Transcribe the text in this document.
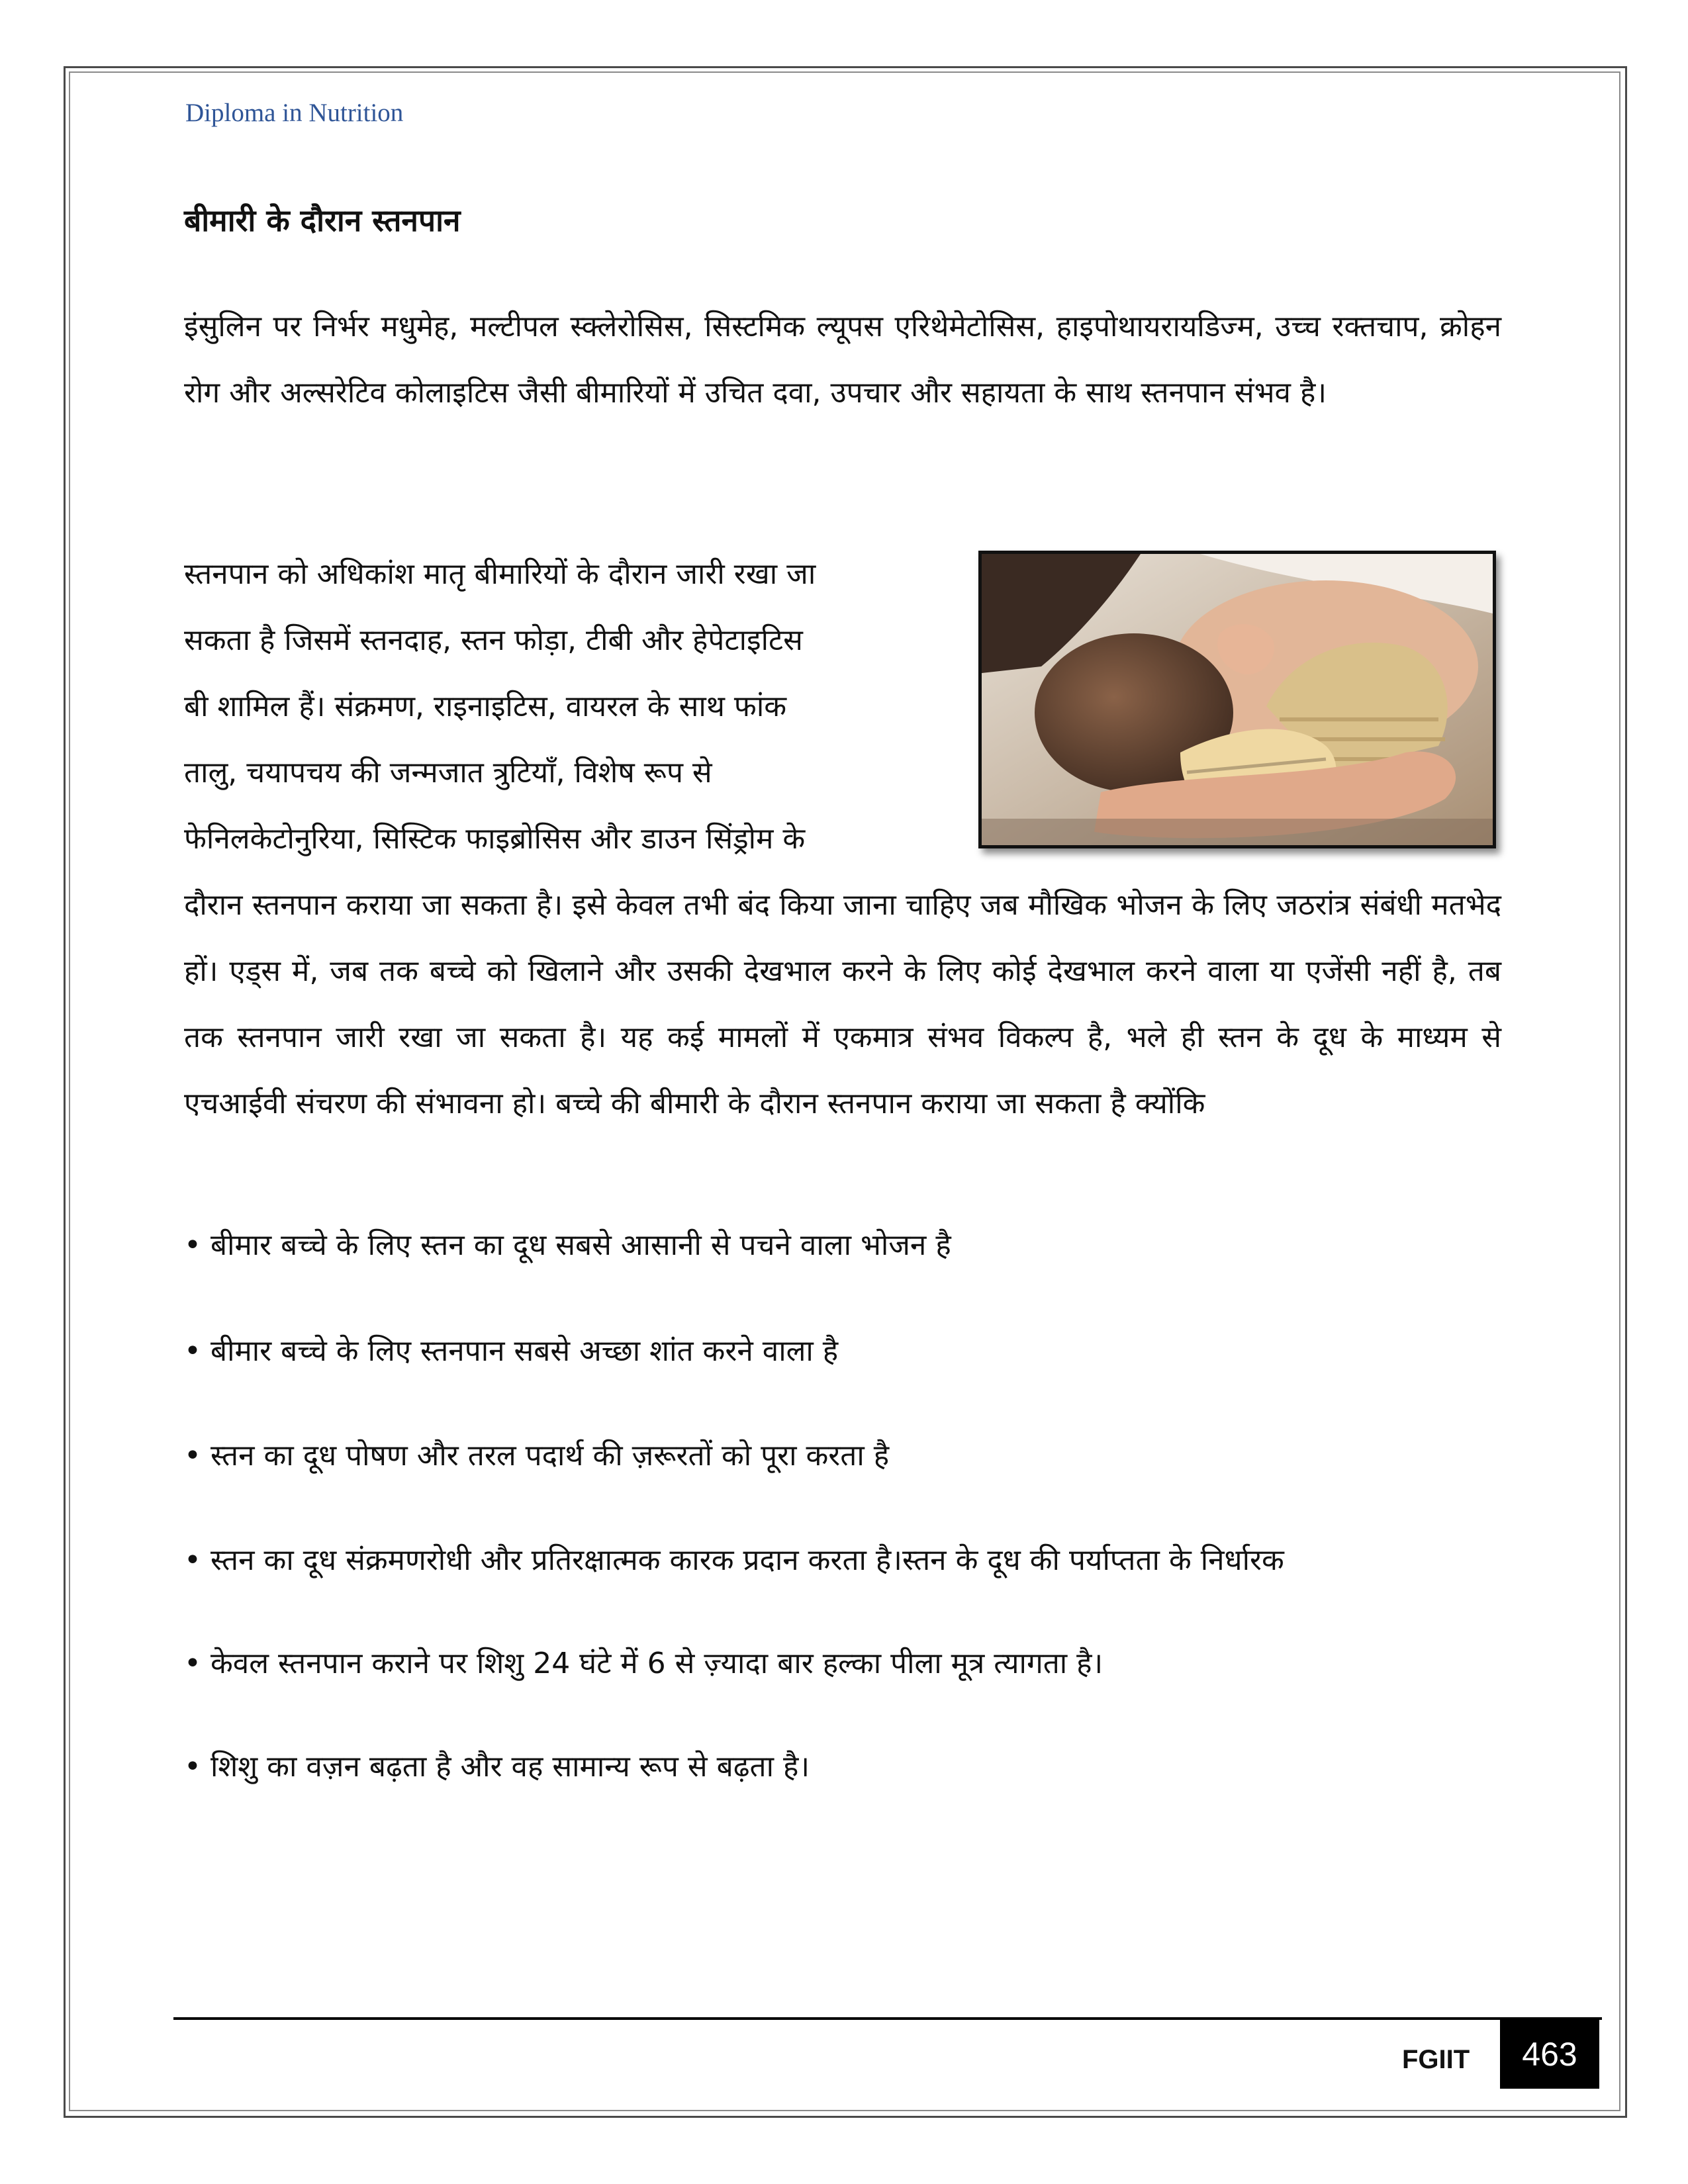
Diploma in Nutrition
बीमारी के दौरान स्तनपान
इंसुलिन पर निर्भर मधुमेह, मल्टीपल स्क्लेरोसिस, सिस्टमिक ल्यूपस एरिथेमेटोसिस, हाइपोथायरायडिज्म, उच्च रक्तचाप, क्रोहन रोग और अल्सरेटिव कोलाइटिस जैसी बीमारियों में उचित दवा, उपचार और सहायता के साथ स्तनपान संभव है।
स्तनपान को अधिकांश मातृ बीमारियों के दौरान जारी रखा जा
सकता है जिसमें स्तनदाह, स्तन फोड़ा, टीबी और हेपेटाइटिस
बी शामिल हैं। संक्रमण, राइनाइटिस, वायरल के साथ फांक
तालु, चयापचय की जन्मजात त्रुटियाँ, विशेष रूप से
फेनिलकेटोनुरिया, सिस्टिक फाइब्रोसिस और डाउन सिंड्रोम के
दौरान स्तनपान कराया जा सकता है। इसे केवल तभी बंद किया जाना चाहिए जब मौखिक भोजन के लिए जठरांत्र संबंधी मतभेद हों। एड्स में, जब तक बच्चे को खिलाने और उसकी देखभाल करने के लिए कोई देखभाल करने वाला या एजेंसी नहीं है, तब तक स्तनपान जारी रखा जा सकता है। यह कई मामलों में एकमात्र संभव विकल्प है, भले ही स्तन के दूध के माध्यम से एचआईवी संचरण की संभावना हो। बच्चे की बीमारी के दौरान स्तनपान कराया जा सकता है क्योंकि
• बीमार बच्चे के लिए स्तन का दूध सबसे आसानी से पचने वाला भोजन है
• बीमार बच्चे के लिए स्तनपान सबसे अच्छा शांत करने वाला है
• स्तन का दूध पोषण और तरल पदार्थ की ज़रूरतों को पूरा करता है
• स्तन का दूध संक्रमणरोधी और प्रतिरक्षात्मक कारक प्रदान करता है।स्तन के दूध की पर्याप्तता के निर्धारक
• केवल स्तनपान कराने पर शिशु 24 घंटे में 6 से ज़्यादा बार हल्का पीला मूत्र त्यागता है।
• शिशु का वज़न बढ़ता है और वह सामान्य रूप से बढ़ता है।
FGIIT	463
